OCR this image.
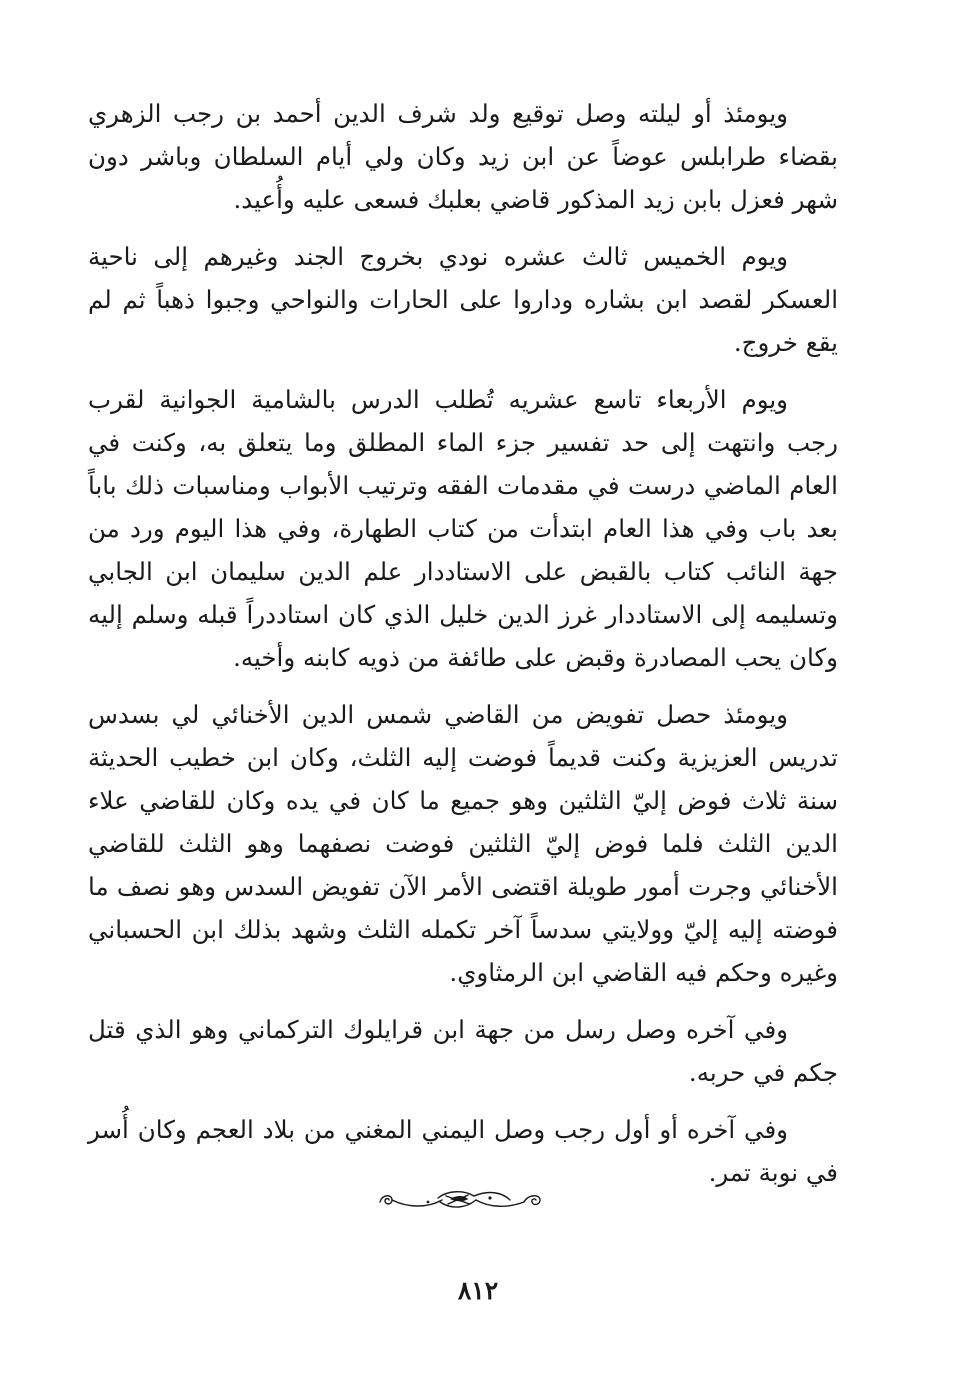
ويومئذ أو ليلته وصل توقيع ولد شرف الدين أحمد بن رجب الزهري بقضاء طرابلس عوضاً عن ابن زيد وكان ولي أيام السلطان وباشر دون شهر فعزل بابن زيد المذكور قاضي بعلبك فسعى عليه وأُعيد.

ويوم الخميس ثالث عشره نودي بخروج الجند وغيرهم إلى ناحية العسكر لقصد ابن بشاره وداروا على الحارات والنواحي وجبوا ذهباً ثم لم يقع خروج.

ويوم الأربعاء تاسع عشريه تُطلب الدرس بالشامية الجوانية لقرب رجب وانتهت إلى حد تفسير جزء الماء المطلق وما يتعلق به، وكنت في العام الماضي درست في مقدمات الفقه وترتيب الأبواب ومناسبات ذلك باباً بعد باب وفي هذا العام ابتدأت من كتاب الطهارة، وفي هذا اليوم ورد من جهة النائب كتاب بالقبض على الاستاددار علم الدين سليمان ابن الجابي وتسليمه إلى الاستاددار غرز الدين خليل الذي كان استاددراً قبله وسلم إليه وكان يحب المصادرة وقبض على طائفة من ذويه كابنه وأخيه.

ويومئذ حصل تفويض من القاضي شمس الدين الأخنائي لي بسدس تدريس العزيزية وكنت قديماً فوضت إليه الثلث، وكان ابن خطيب الحديثة سنة ثلاث فوض إليّ الثلثين وهو جميع ما كان في يده وكان للقاضي علاء الدين الثلث فلما فوض إليّ الثلثين فوضت نصفهما وهو الثلث للقاضي الأخنائي وجرت أمور طويلة اقتضى الأمر الآن تفويض السدس وهو نصف ما فوضته إليه إليّ وولايتي سدساً آخر تكمله الثلث وشهد بذلك ابن الحسباني وغيره وحكم فيه القاضي ابن الرمثاوي.

وفي آخره وصل رسل من جهة ابن قرايلوك التركماني وهو الذي قتل جكم في حربه.

وفي آخره أو أول رجب وصل اليمني المغني من بلاد العجم وكان أُسر في نوبة تمر.

٨١٢
